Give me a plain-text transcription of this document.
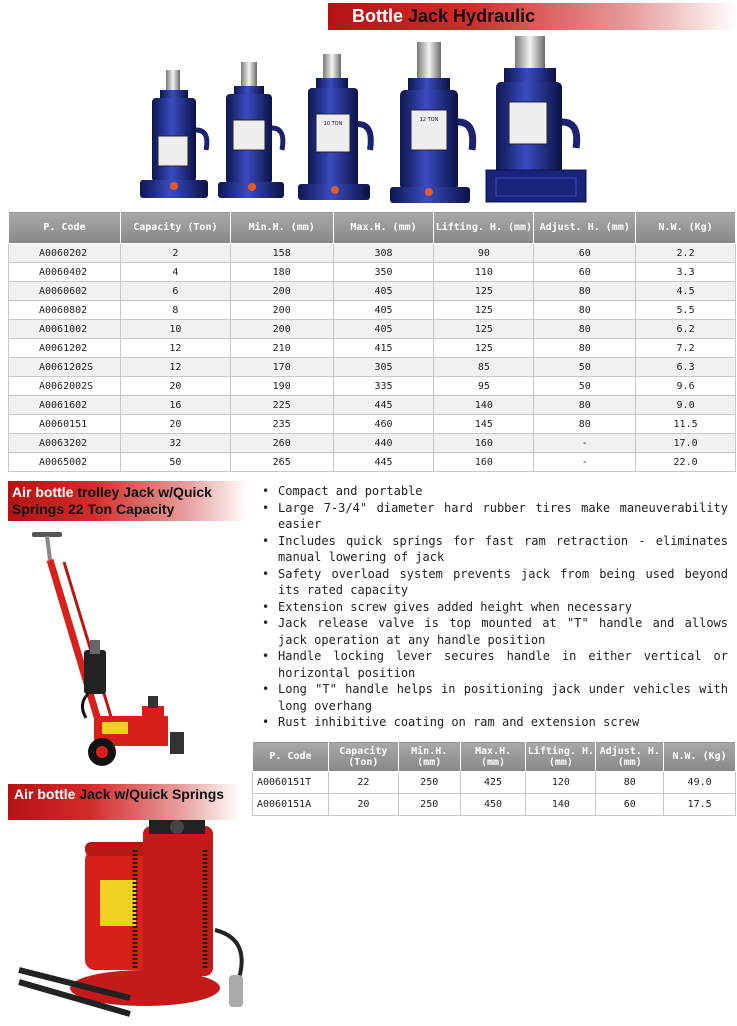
Bottle Jack Hydraulic
10 TON
12 TON
P. Code	Capacity (Ton)	Min.H. (mm)	Max.H. (mm)	Lifting. H. (mm)	Adjust. H. (mm)	N.W. (Kg)
A0060202	2	158	308	90	60	2.2
A0060402	4	180	350	110	60	3.3
A0060602	6	200	405	125	80	4.5
A0060802	8	200	405	125	80	5.5
A0061002	10	200	405	125	80	6.2
A0061202	12	210	415	125	80	7.2
A0061202S	12	170	305	85	50	6.3
A0062002S	20	190	335	95	50	9.6
A0061602	16	225	445	140	80	9.0
A0060151	20	235	460	145	80	11.5
A0063202	32	260	440	160	-	17.0
A0065002	50	265	445	160	-	22.0
Air bottle trolley Jack w/Quick Springs 22 Ton Capacity
• Compact and portable
• Large 7-3/4" diameter hard rubber tires make maneuverability easier
• Includes quick springs for fast ram retraction - eliminates manual lowering of jack
• Safety overload system prevents jack from being used beyond its rated capacity
• Extension screw gives added height when necessary
• Jack release valve is top mounted at "T" handle and allows jack operation at any handle position
• Handle locking lever secures handle in either vertical or horizontal position
• Long "T" handle helps in positioning jack under vehicles with long overhang
• Rust inhibitive coating on ram and extension screw
P. Code	Capacity (Ton)	Min.H. (mm)	Max.H. (mm)	Lifting. H. (mm)	Adjust. H. (mm)	N.W. (Kg)
A0060151T	22	250	425	120	80	49.0
A0060151A	20	250	450	140	60	17.5
Air bottle Jack w/Quick Springs
